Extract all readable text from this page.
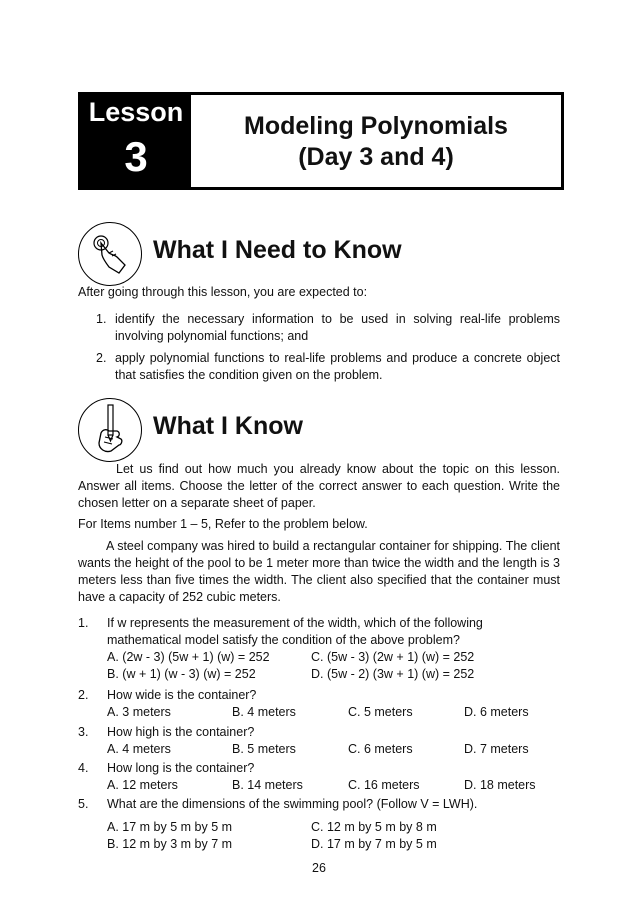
Lesson
3
Modeling Polynomials
(Day 3 and 4)
What I Need to Know
After going through this lesson, you are expected to:
1. identify the necessary information to be used in solving real-life problems involving polynomial functions; and
2. apply polynomial functions to real-life problems and produce a concrete object that satisfies the condition given on the problem.
What I Know
Let us find out how much you already know about the topic on this lesson. Answer all items. Choose the letter of the correct answer to each question. Write the chosen letter on a separate sheet of paper.
For Items number 1 – 5, Refer to the problem below.
A steel company was hired to build a rectangular container for shipping. The client wants the height of the pool to be 1 meter more than twice the width and the length is 3 meters less than five times the width. The client also specified that the container must have a capacity of 252 cubic meters.
1. If w represents the measurement of the width, which of the following
mathematical model satisfy the condition of the above problem?
A. (2w - 3) (5w + 1) (w) = 252	C. (5w - 3) (2w + 1) (w) = 252
B. (w + 1) (w - 3) (w) = 252	D. (5w - 2) (3w + 1) (w) = 252
2. How wide is the container?
A. 3 meters	B. 4 meters	C. 5 meters	D. 6 meters
3. How high is the container?
A. 4 meters	B. 5 meters	C. 6 meters	D. 7 meters
4. How long is the container?
A. 12 meters	B. 14 meters	C. 16 meters	D. 18 meters
5. What are the dimensions of the swimming pool? (Follow V = LWH).
A. 17 m by 5 m by 5 m	C. 12 m by 5 m by 8 m
B. 12 m by 3 m by 7 m	D. 17 m by 7 m by 5 m
26
